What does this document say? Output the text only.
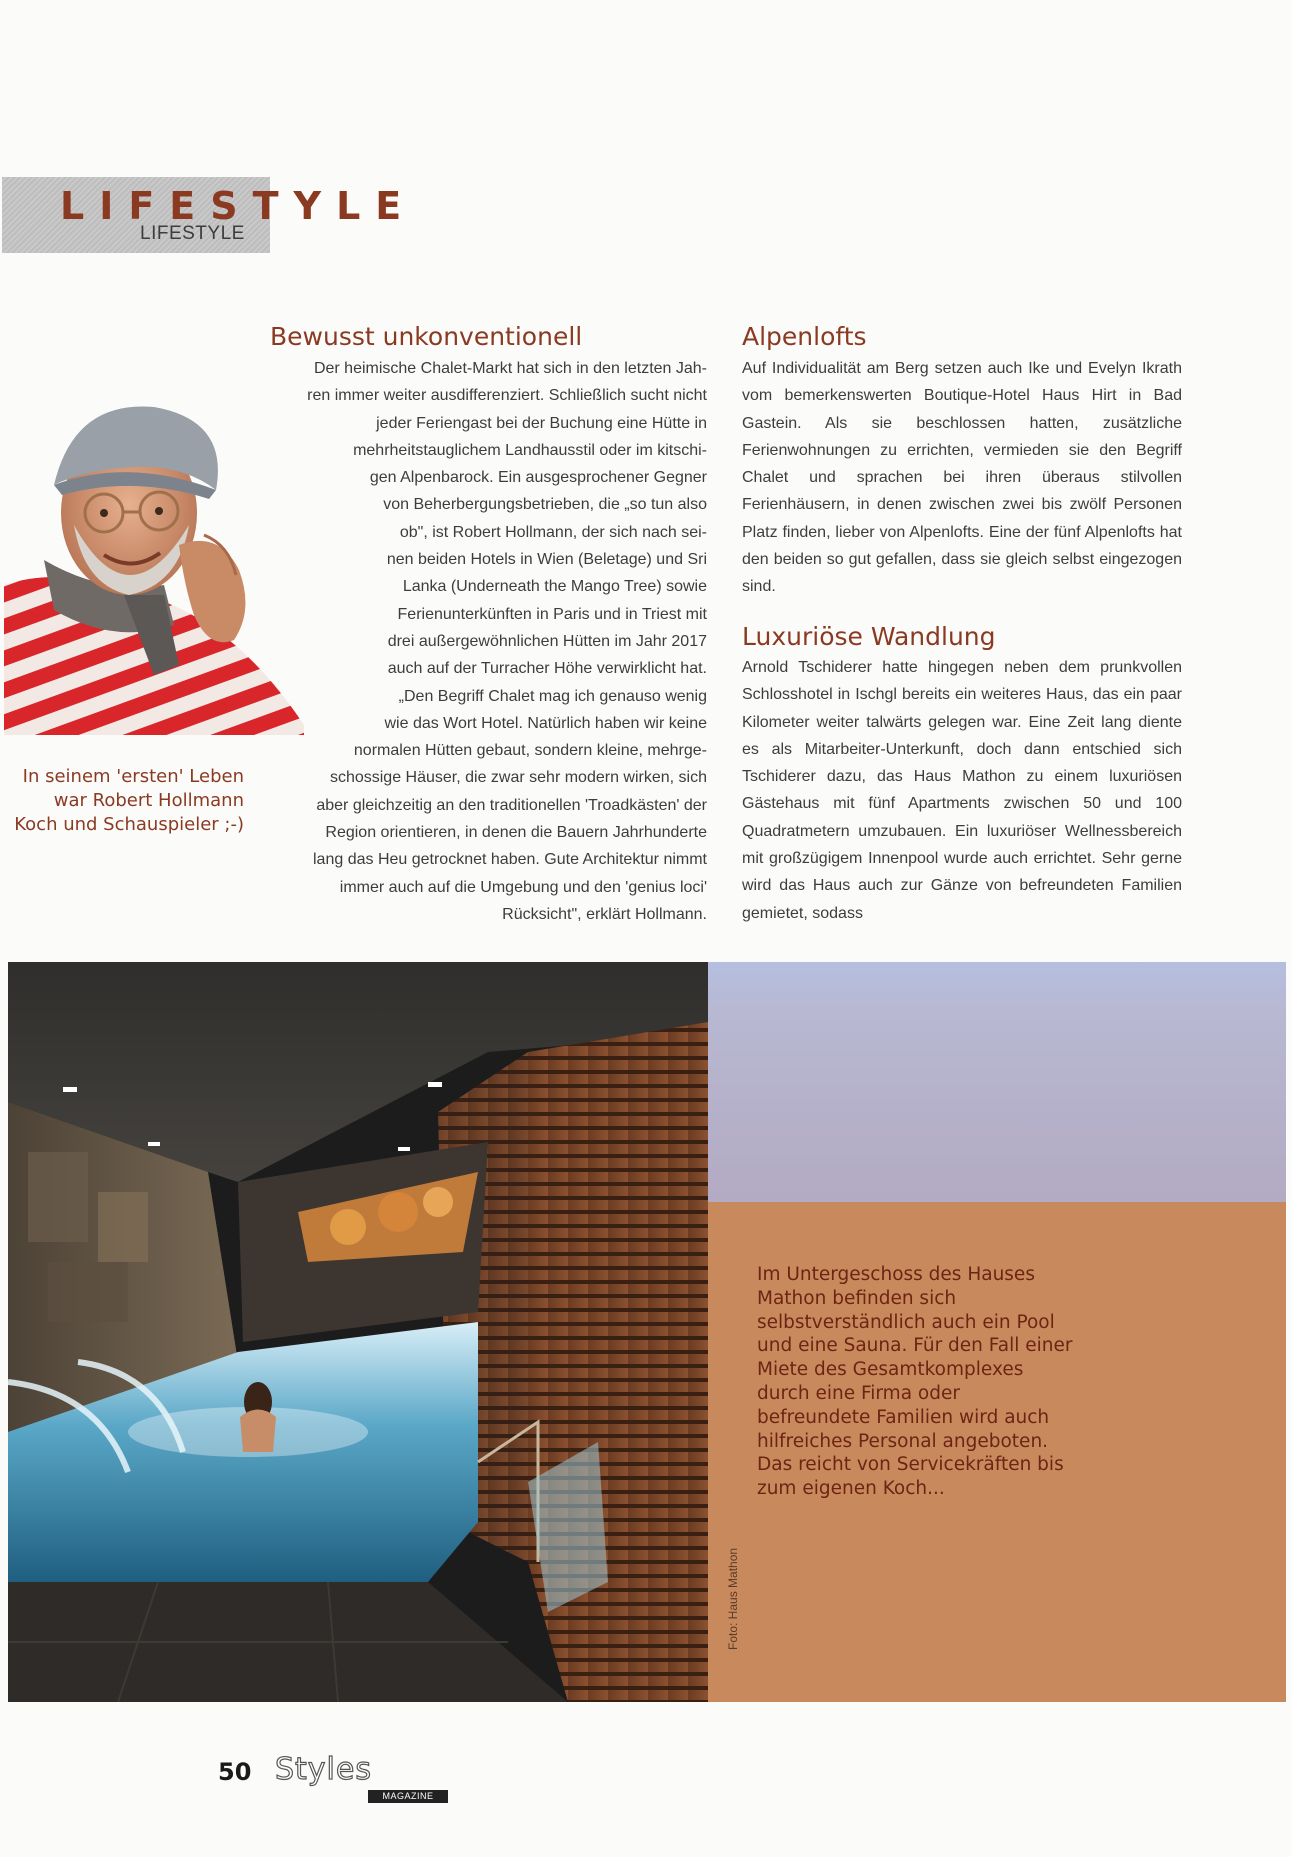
LIFESTYLE
LIFESTYLE
In seinem 'ersten' Leben war Robert Hollmann Koch und Schauspieler ;-)
Bewusst unkonventionell

Der heimische Chalet-Markt hat sich in den letzten Jah-
ren immer weiter ausdifferenziert. Schließlich sucht nicht
jeder Feriengast bei der Buchung eine Hütte in
mehrheitstauglichem Landhausstil oder im kitschi-
gen Alpenbarock. Ein ausgesprochener Gegner
von Beherbergungsbetrieben, die „so tun also
ob", ist Robert Hollmann, der sich nach sei-
nen beiden Hotels in Wien (Beletage) und Sri
Lanka (Underneath the Mango Tree) sowie
Ferienunterkünften in Paris und in Triest mit
drei außergewöhnlichen Hütten im Jahr 2017
auch auf der Turracher Höhe verwirklicht hat.
„Den Begriff Chalet mag ich genauso wenig
wie das Wort Hotel. Natürlich haben wir keine
normalen Hütten gebaut, sondern kleine, mehrge-
schossige Häuser, die zwar sehr modern wirken, sich
aber gleichzeitig an den traditionellen 'Troadkästen' der
Region orientieren, in denen die Bauern Jahrhunderte
lang das Heu getrocknet haben. Gute Architektur nimmt
immer auch auf die Umgebung und den 'genius loci'
Rücksicht", erklärt Hollmann.

Alpenlofts

Auf Individualität am Berg setzen auch Ike und Evelyn Ikrath vom bemerkenswerten Boutique-Hotel Haus Hirt in Bad Gastein. Als sie beschlossen hatten, zusätzliche Ferienwohnungen zu errichten, vermieden sie den Begriff Chalet und sprachen bei ihren überaus stilvollen Ferienhäusern, in denen zwischen zwei bis zwölf Personen Platz finden, lieber von Alpenlofts. Eine der fünf Alpenlofts hat den beiden so gut gefallen, dass sie gleich selbst eingezogen sind.

Luxuriöse Wandlung

Arnold Tschiderer hatte hingegen neben dem prunkvollen Schlosshotel in Ischgl bereits ein weiteres Haus, das ein paar Kilometer weiter talwärts gelegen war. Eine Zeit lang diente es als Mitarbeiter-Unterkunft, doch dann entschied sich Tschiderer dazu, das Haus Mathon zu einem luxuriösen Gästehaus mit fünf Apartments zwischen 50 und 100 Quadratmetern umzubauen. Ein luxuriöser Wellnessbereich mit großzügigem Innenpool wurde auch errichtet. Sehr gerne wird das Haus auch zur Gänze von befreundeten Familien gemietet, sodass

Im Untergeschoss des Hauses Mathon befinden sich selbstverständlich auch ein Pool und eine Sauna. Für den Fall einer Miete des Gesamtkomplexes durch eine Firma oder befreundete Familien wird auch hilfreiches Personal angeboten. Das reicht von Servicekräften bis zum eigenen Koch...
Foto: Haus Mathon
50 Styles
MAGAZINE
